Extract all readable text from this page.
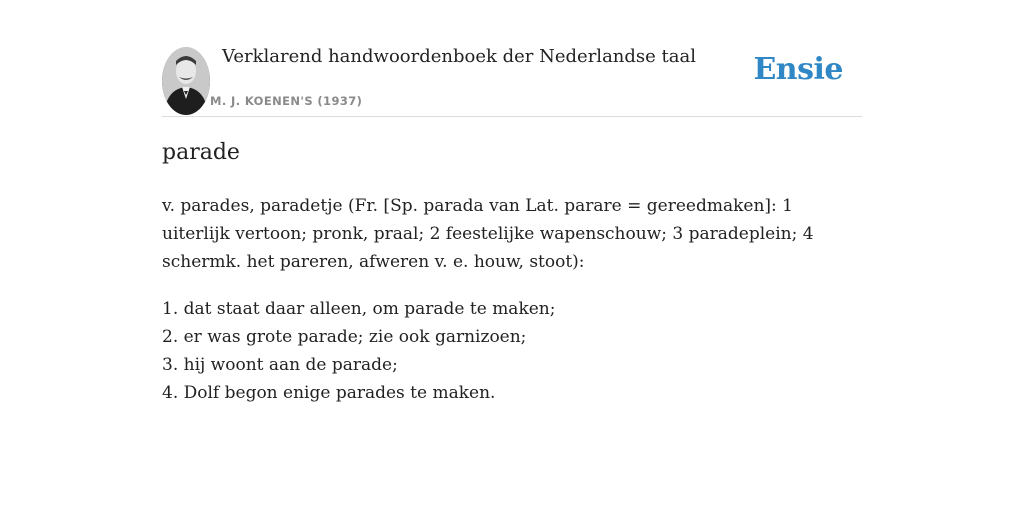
Verklarend handwoordenboek der Nederlandse taal
M. J. KOENEN'S (1937)
Ensie
parade

v. parades, paradetje (Fr. [Sp. parada van Lat. parare = gereedmaken]: 1 uiterlijk vertoon; pronk, praal; 2 feestelijke wapenschouw; 3 paradeplein; 4 schermk. het pareren, afweren v. e. houw, stoot):

1. dat staat daar alleen, om parade te maken;
2. er was grote parade; zie ook garnizoen;
3. hij woont aan de parade;
4. Dolf begon enige parades te maken.
